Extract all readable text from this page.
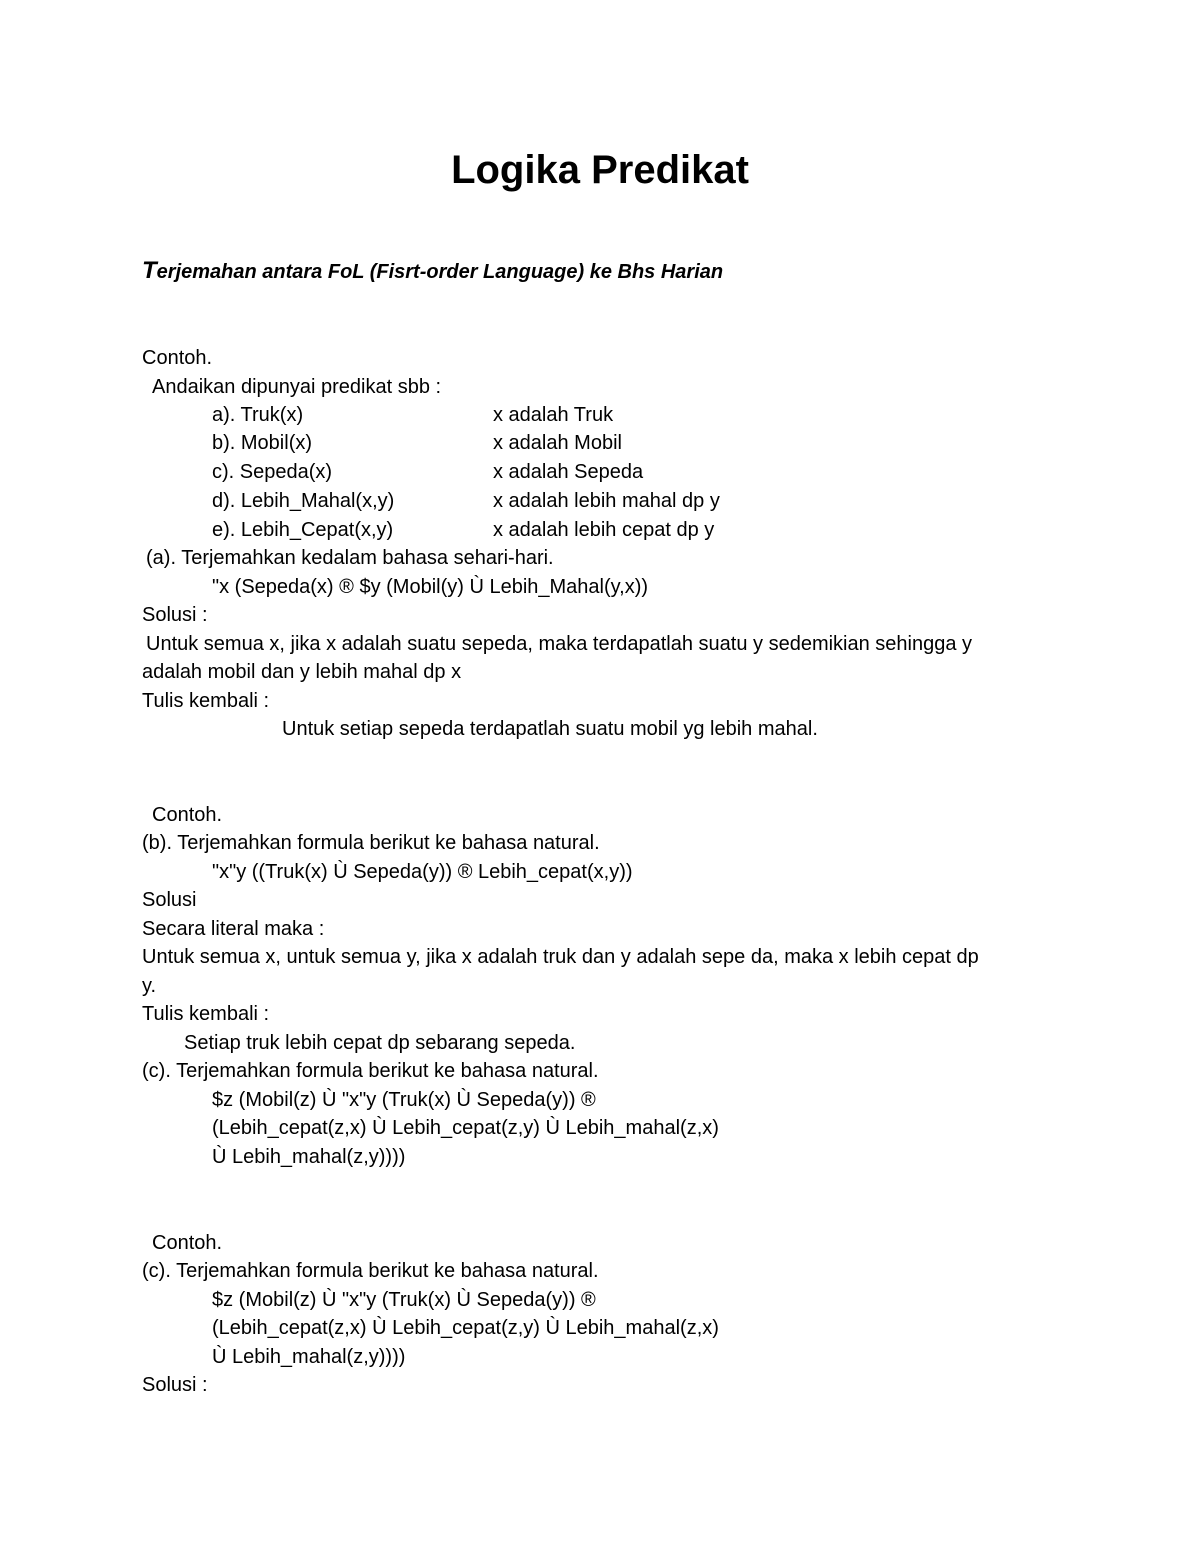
Logika Predikat
Terjemahan antara FoL (Fisrt-order Language) ke Bhs Harian
Contoh.
Andaikan dipunyai predikat sbb :
a). Truk(x)	x adalah Truk
b). Mobil(x)	x adalah Mobil
c). Sepeda(x)	x adalah Sepeda
d). Lebih_Mahal(x,y)	x adalah lebih mahal dp y
e). Lebih_Cepat(x,y)	x adalah lebih cepat dp y
(a). Terjemahkan kedalam bahasa sehari-hari.
"x (Sepeda(x) ® $y (Mobil(y) Ù Lebih_Mahal(y,x))
Solusi :
Untuk semua x, jika x adalah suatu sepeda, maka terdapatlah suatu y sedemikian sehingga y
adalah mobil dan y lebih mahal dp x
Tulis kembali :
Untuk setiap sepeda terdapatlah suatu mobil yg lebih mahal.
Contoh.
(b). Terjemahkan formula berikut ke bahasa natural.
"x"y ((Truk(x) Ù Sepeda(y)) ® Lebih_cepat(x,y))
Solusi
Secara literal maka :
Untuk semua x, untuk semua y, jika x adalah truk dan y adalah sepe da, maka x lebih cepat dp
y.
Tulis kembali :
Setiap truk lebih cepat dp sebarang sepeda.
(c). Terjemahkan formula berikut ke bahasa natural.
$z (Mobil(z) Ù "x"y (Truk(x) Ù Sepeda(y)) ®
(Lebih_cepat(z,x) Ù Lebih_cepat(z,y) Ù Lebih_mahal(z,x)
Ù Lebih_mahal(z,y))))
Contoh.
(c). Terjemahkan formula berikut ke bahasa natural.
$z (Mobil(z) Ù "x"y (Truk(x) Ù Sepeda(y)) ®
(Lebih_cepat(z,x) Ù Lebih_cepat(z,y) Ù Lebih_mahal(z,x)
Ù Lebih_mahal(z,y))))
Solusi :
